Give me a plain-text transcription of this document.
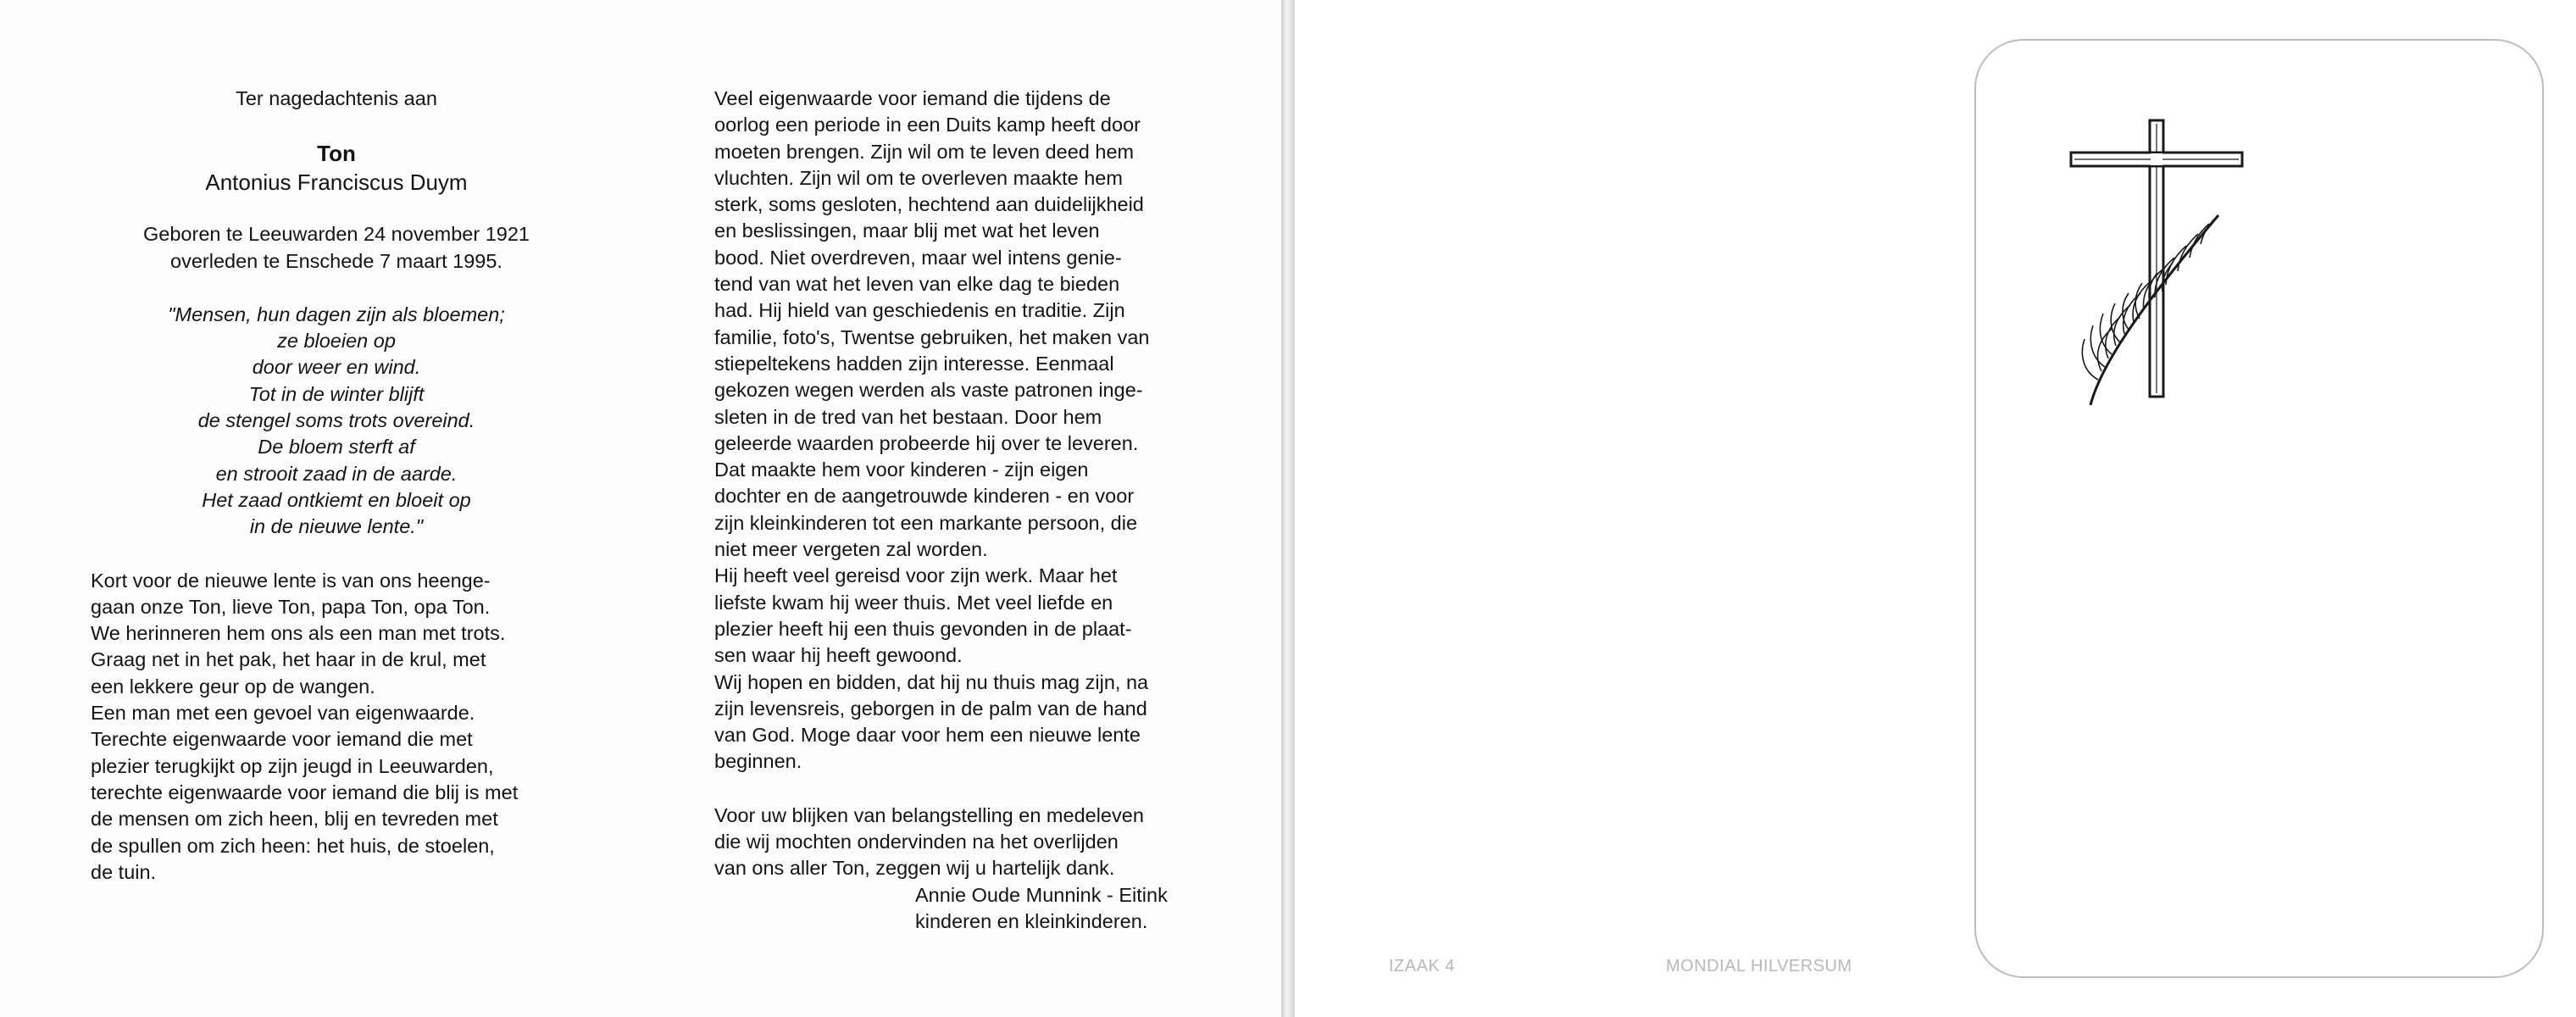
Ter nagedachtenis aan
Ton
Antonius Franciscus Duym
Geboren te Leeuwarden 24 november 1921
overleden te Enschede 7 maart 1995.
"Mensen, hun dagen zijn als bloemen;
ze bloeien op
door weer en wind.
Tot in de winter blijft
de stengel soms trots overeind.
De bloem sterft af
en strooit zaad in de aarde.
Het zaad ontkiemt en bloeit op
in de nieuwe lente."
Kort voor de nieuwe lente is van ons heenge-
gaan onze Ton, lieve Ton, papa Ton, opa Ton.
We herinneren hem ons als een man met trots.
Graag net in het pak, het haar in de krul, met
een lekkere geur op de wangen.
Een man met een gevoel van eigenwaarde.
Terechte eigenwaarde voor iemand die met
plezier terugkijkt op zijn jeugd in Leeuwarden,
terechte eigenwaarde voor iemand die blij is met
de mensen om zich heen, blij en tevreden met
de spullen om zich heen: het huis, de stoelen,
de tuin.
Veel eigenwaarde voor iemand die tijdens de
oorlog een periode in een Duits kamp heeft door
moeten brengen. Zijn wil om te leven deed hem
vluchten. Zijn wil om te overleven maakte hem
sterk, soms gesloten, hechtend aan duidelijkheid
en beslissingen, maar blij met wat het leven
bood. Niet overdreven, maar wel intens genie-
tend van wat het leven van elke dag te bieden
had. Hij hield van geschiedenis en traditie. Zijn
familie, foto's, Twentse gebruiken, het maken van
stiepeltekens hadden zijn interesse. Eenmaal
gekozen wegen werden als vaste patronen inge-
sleten in de tred van het bestaan. Door hem
geleerde waarden probeerde hij over te leveren.
Dat maakte hem voor kinderen - zijn eigen
dochter en de aangetrouwde kinderen - en voor
zijn kleinkinderen tot een markante persoon, die
niet meer vergeten zal worden.
Hij heeft veel gereisd voor zijn werk. Maar het
liefste kwam hij weer thuis. Met veel liefde en
plezier heeft hij een thuis gevonden in de plaat-
sen waar hij heeft gewoond.
Wij hopen en bidden, dat hij nu thuis mag zijn, na
zijn levensreis, geborgen in de palm van de hand
van God. Moge daar voor hem een nieuwe lente
beginnen.
Voor uw blijken van belangstelling en medeleven
die wij mochten ondervinden na het overlijden
van ons aller Ton, zeggen wij u hartelijk dank.
Annie Oude Munnink - Eitink
kinderen en kleinkinderen.
IZAAK 4	MONDIAL HILVERSUM
